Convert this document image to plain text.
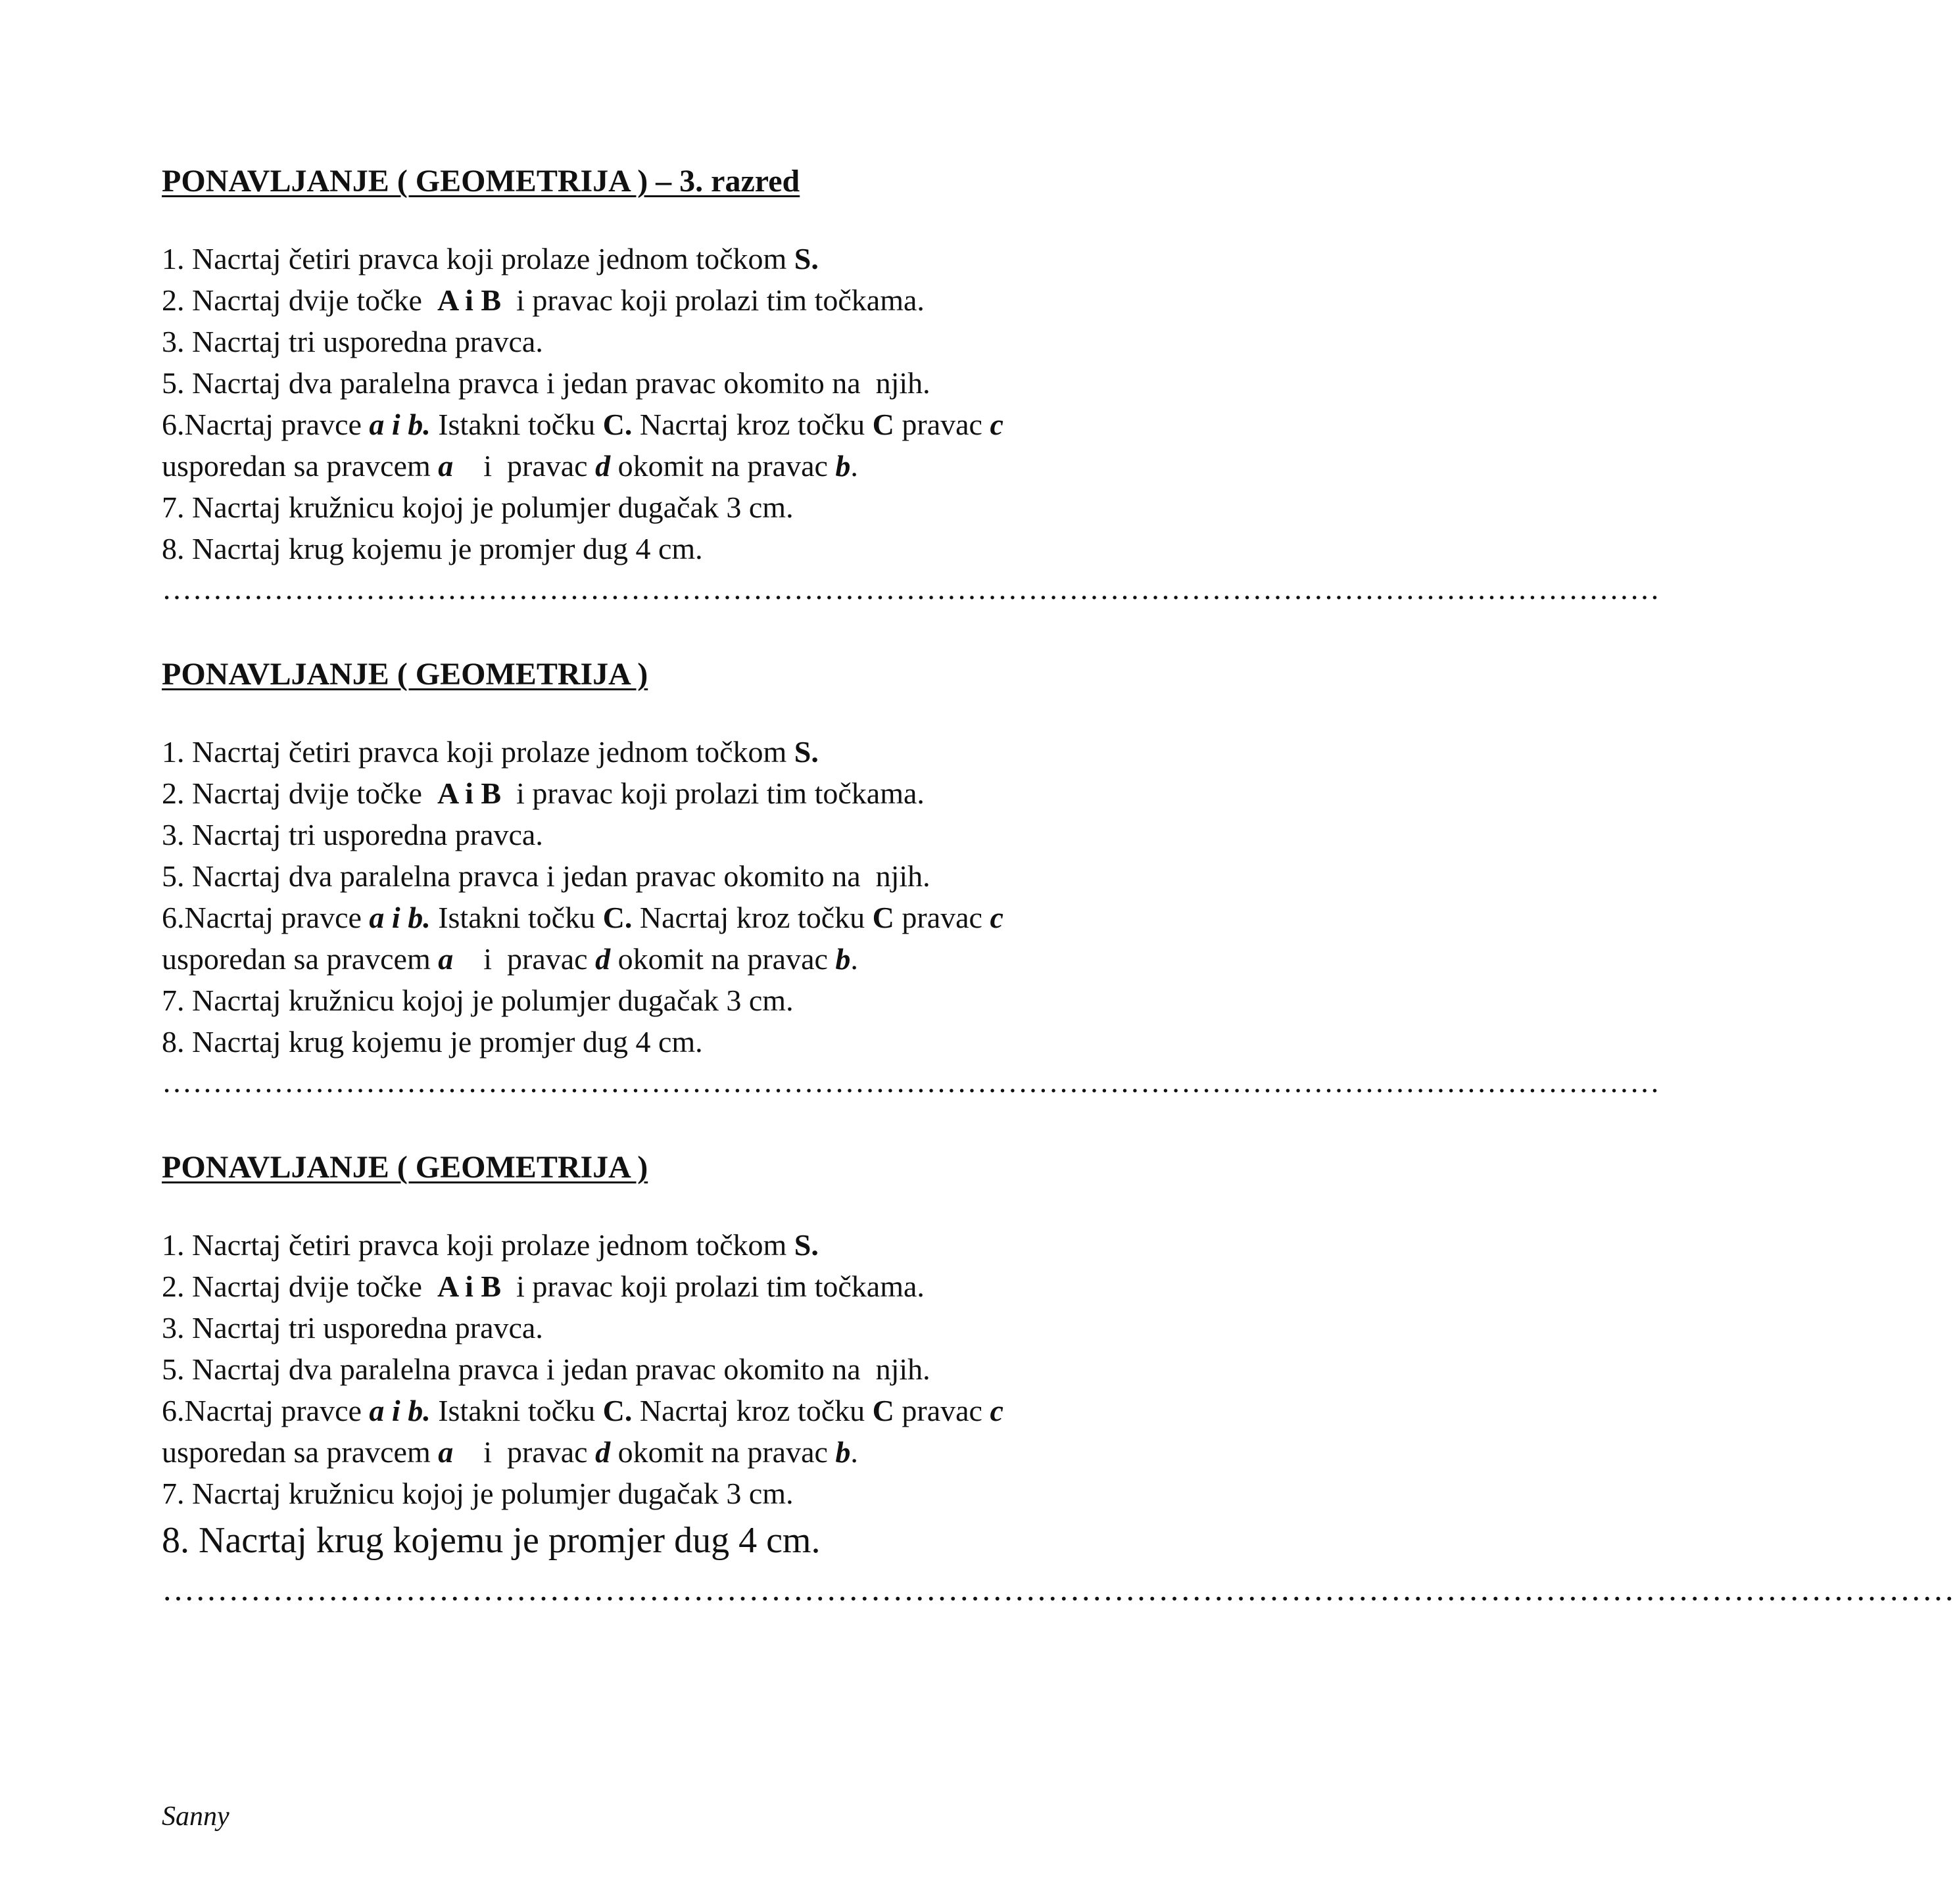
PONAVLJANJE ( GEOMETRIJA ) – 3. razred

1. Nacrtaj četiri pravca koji prolaze jednom točkom S.

2. Nacrtaj dvije točke  A i B  i pravac koji prolazi tim točkama.

3. Nacrtaj tri usporedna pravca.

5. Nacrtaj dva paralelna pravca i jedan pravac okomito na  njih.

6.Nacrtaj pravce a i b. Istakni točku C. Nacrtaj kroz točku C pravac c

usporedan sa pravcem a    i  pravac d okomit na pravac b.

7. Nacrtaj kružnicu kojoj je polumjer dugačak 3 cm.

8. Nacrtaj krug kojemu je promjer dug 4 cm.

…………………………………………………………………………………………………………………………………

PONAVLJANJE ( GEOMETRIJA )

1. Nacrtaj četiri pravca koji prolaze jednom točkom S.

2. Nacrtaj dvije točke  A i B  i pravac koji prolazi tim točkama.

3. Nacrtaj tri usporedna pravca.

5. Nacrtaj dva paralelna pravca i jedan pravac okomito na  njih.

6.Nacrtaj pravce a i b. Istakni točku C. Nacrtaj kroz točku C pravac c

usporedan sa pravcem a    i  pravac d okomit na pravac b.

7. Nacrtaj kružnicu kojoj je polumjer dugačak 3 cm.

8. Nacrtaj krug kojemu je promjer dug 4 cm.

…………………………………………………………………………………………………………………………………

PONAVLJANJE ( GEOMETRIJA )

1. Nacrtaj četiri pravca koji prolaze jednom točkom S.

2. Nacrtaj dvije točke  A i B  i pravac koji prolazi tim točkama.

3. Nacrtaj tri usporedna pravca.

5. Nacrtaj dva paralelna pravca i jedan pravac okomito na  njih.

6.Nacrtaj pravce a i b. Istakni točku C. Nacrtaj kroz točku C pravac c

usporedan sa pravcem a    i  pravac d okomit na pravac b.

7. Nacrtaj kružnicu kojoj je polumjer dugačak 3 cm.

8. Nacrtaj krug kojemu je promjer dug 4 cm.

………………………………………………………………………………………………………………………………………………
Sanny
